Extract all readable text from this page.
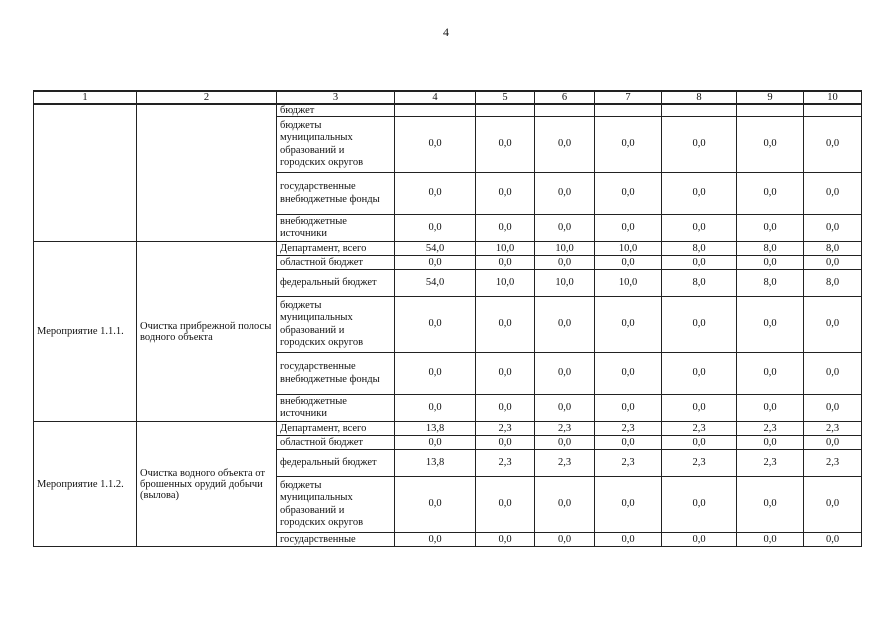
4
1	2	3	4	5	6	7	8	9	10
		бюджет							
		бюджеты муниципальных образований и городских округов	0,0	0,0	0,0	0,0	0,0	0,0	0,0
		государственные внебюджетные фонды	0,0	0,0	0,0	0,0	0,0	0,0	0,0
		внебюджетные источники	0,0	0,0	0,0	0,0	0,0	0,0	0,0
Мероприятие 1.1.1.	Очистка прибрежной полосы водного объекта	Департамент, всего	54,0	10,0	10,0	10,0	8,0	8,0	8,0
		областной бюджет	0,0	0,0	0,0	0,0	0,0	0,0	0,0
		федеральный бюджет	54,0	10,0	10,0	10,0	8,0	8,0	8,0
		бюджеты муниципальных образований и городских округов	0,0	0,0	0,0	0,0	0,0	0,0	0,0
		государственные внебюджетные фонды	0,0	0,0	0,0	0,0	0,0	0,0	0,0
		внебюджетные источники	0,0	0,0	0,0	0,0	0,0	0,0	0,0
Мероприятие 1.1.2.	Очистка водного объекта от брошенных орудий добычи (вылова)	Департамент, всего	13,8	2,3	2,3	2,3	2,3	2,3	2,3
		областной бюджет	0,0	0,0	0,0	0,0	0,0	0,0	0,0
		федеральный бюджет	13,8	2,3	2,3	2,3	2,3	2,3	2,3
		бюджеты муниципальных образований и городских округов	0,0	0,0	0,0	0,0	0,0	0,0	0,0
		государственные	0,0	0,0	0,0	0,0	0,0	0,0	0,0
